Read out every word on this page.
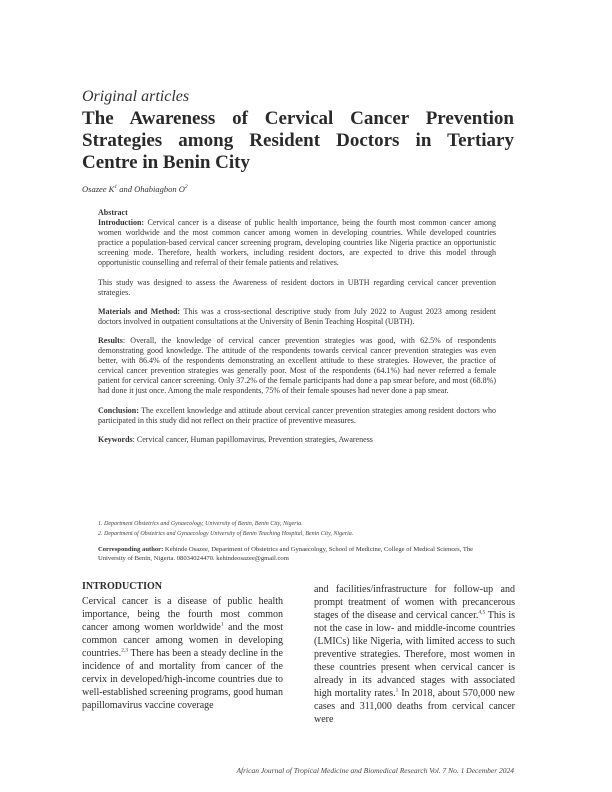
Original articles
The Awareness of Cervical Cancer Prevention Strategies among Resident Doctors in Tertiary Centre in Benin City
Osazee $K^1$ and Ohabiagbon $O^2$
Abstract
Introduction: Cervical cancer is a disease of public health importance, being the fourth most common cancer among women worldwide and the most common cancer among women in developing countries. While developed countries practice a population-based cervical cancer screening program, developing countries like Nigeria practice an opportunistic screening mode. Therefore, health workers, including resident doctors, are expected to drive this model through opportunistic counselling and referral of their female patients and relatives.
This study was designed to assess the Awareness of resident doctors in UBTH regarding cervical cancer prevention strategies.
Materials and Method: This was a cross-sectional descriptive study from July 2022 to August 2023 among resident doctors involved in outpatient consultations at the University of Benin Teaching Hospital (UBTH).
Results: Overall, the knowledge of cervical cancer prevention strategies was good, with 62.5% of respondents demonstrating good knowledge. The attitude of the respondents towards cervical cancer prevention strategies was even better, with 86.4% of the respondents demonstrating an excellent attitude to these strategies. However, the practice of cervical cancer prevention strategies was generally poor. Most of the respondents (64.1%) had never referred a female patient for cervical cancer screening. Only 37.2% of the female participants had done a pap smear before, and most (68.8%) had done it just once. Among the male respondents, 75% of their female spouses had never done a pap smear.
Conclusion: The excellent knowledge and attitude about cervical cancer prevention strategies among resident doctors who participated in this study did not reflect on their practice of preventive measures.
Keywords: Cervical cancer, Human papillomavirus, Prevention strategies, Awareness
1. Department Obstetrics and Gynaecology, University of Benin, Benin City, Nigeria.
2. Department of Obstetrics and Gynaecology University of Benin Teaching Hospital, Benin City, Nigeria.
Corresponding author: Kehinde Osazee, Department of Obstetrics and Gynaecology, School of Medicine, College of Medical Sciences, The University of Benin, Nigeria. 08034024470. kehindeosazee@gmail.com
INTRODUCTION
Cervical cancer is a disease of public health importance, being the fourth most common cancer among women worldwide$^1$ and the most common cancer among women in developing countries.$^{2,3}$ There has been a steady decline in the incidence of and mortality from cancer of the cervix in developed/high-income countries due to well-established screening programs, good human papillomavirus vaccine coverage
and facilities/infrastructure for follow-up and prompt treatment of women with precancerous stages of the disease and cervical cancer.$^{4,5}$ This is not the case in low- and middle-income countries (LMICs) like Nigeria, with limited access to such preventive strategies. Therefore, most women in these countries present when cervical cancer is already in its advanced stages with associated high mortality rates.$^1$ In 2018, about 570,000 new cases and 311,000 deaths from cervical cancer were
African Journal of Tropical Medicine and Biomedical Research Vol. 7 No. 1 December 2024
